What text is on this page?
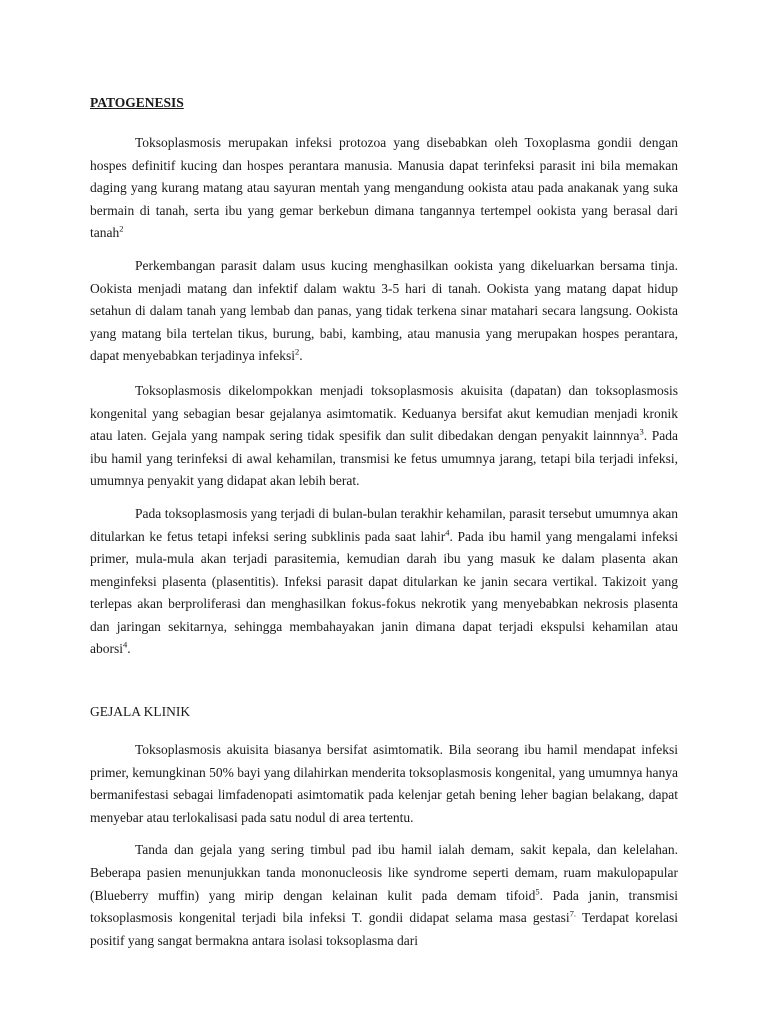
PATOGENESIS

Toksoplasmosis merupakan infeksi protozoa yang disebabkan oleh Toxoplasma gondii dengan hospes definitif kucing dan hospes perantara manusia. Manusia dapat terinfeksi parasit ini bila memakan daging yang kurang matang atau sayuran mentah yang mengandung ookista atau pada anakanak yang suka bermain di tanah, serta ibu yang gemar berkebun dimana tangannya tertempel ookista yang berasal dari tanah$^2$

Perkembangan parasit dalam usus kucing menghasilkan ookista yang dikeluarkan bersama tinja. Ookista menjadi matang dan infektif dalam waktu 3-5 hari di tanah. Ookista yang matang dapat hidup setahun di dalam tanah yang lembab dan panas, yang tidak terkena sinar matahari secara langsung. Ookista yang matang bila tertelan tikus, burung, babi, kambing, atau manusia yang merupakan hospes perantara, dapat menyebabkan terjadinya infeksi$^2$.

Toksoplasmosis dikelompokkan menjadi toksoplasmosis akuisita (dapatan) dan toksoplasmosis kongenital yang sebagian besar gejalanya asimtomatik. Keduanya bersifat akut kemudian menjadi kronik atau laten. Gejala yang nampak sering tidak spesifik dan sulit dibedakan dengan penyakit lainnnya$^3$. Pada ibu hamil yang terinfeksi di awal kehamilan, transmisi ke fetus umumnya jarang, tetapi bila terjadi infeksi, umumnya penyakit yang didapat akan lebih berat.

Pada toksoplasmosis yang terjadi di bulan-bulan terakhir kehamilan, parasit tersebut umumnya akan ditularkan ke fetus tetapi infeksi sering subklinis pada saat lahir$^4$. Pada ibu hamil yang mengalami infeksi primer, mula-mula akan terjadi parasitemia, kemudian darah ibu yang masuk ke dalam plasenta akan menginfeksi plasenta (plasentitis). Infeksi parasit dapat ditularkan ke janin secara vertikal. Takizoit yang terlepas akan berproliferasi dan menghasilkan fokus-fokus nekrotik yang menyebabkan nekrosis plasenta dan jaringan sekitarnya, sehingga membahayakan janin dimana dapat terjadi ekspulsi kehamilan atau aborsi$^4$.

GEJALA KLINIK

Toksoplasmosis akuisita biasanya bersifat asimtomatik. Bila seorang ibu hamil mendapat infeksi primer, kemungkinan 50% bayi yang dilahirkan menderita toksoplasmosis kongenital, yang umumnya hanya bermanifestasi sebagai limfadenopati asimtomatik pada kelenjar getah bening leher bagian belakang, dapat menyebar atau terlokalisasi pada satu nodul di area tertentu.

Tanda dan gejala yang sering timbul pad ibu hamil ialah demam, sakit kepala, dan kelelahan. Beberapa pasien menunjukkan tanda mononucleosis like syndrome seperti demam, ruam makulopapular (Blueberry muffin) yang mirip dengan kelainan kulit pada demam tifoid$^5$. Pada janin, transmisi toksoplasmosis kongenital terjadi bila infeksi T. gondii didapat selama masa gestasi$^{7.}$ Terdapat korelasi positif yang sangat bermakna antara isolasi toksoplasma dari
